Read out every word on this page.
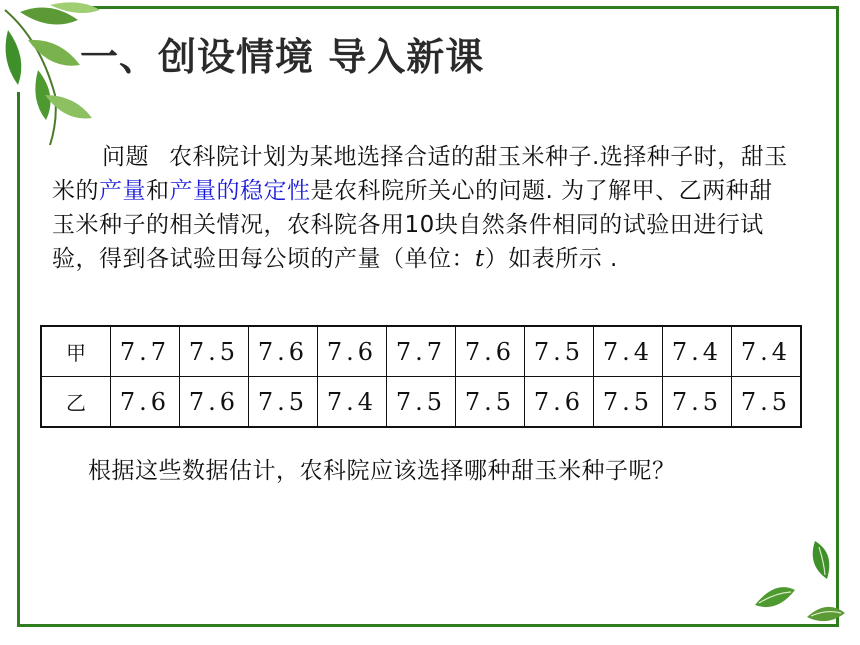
一、创设情境 导入新课
问题 农科院计划为某地选择合适的甜玉米种子.选择种子时，甜玉米的产量和产量的稳定性是农科院所关心的问题. 为了解甲、乙两种甜玉米种子的相关情况，农科院各用10块自然条件相同的试验田进行试验，得到各试验田每公顷的产量（单位：t）如表所示 .
甲	7.7	7.5	7.6	7.6	7.7	7.6	7.5	7.4	7.4	7.4
乙	7.6	7.6	7.5	7.4	7.5	7.5	7.6	7.5	7.5	7.5
根据这些数据估计，农科院应该选择哪种甜玉米种子呢？
